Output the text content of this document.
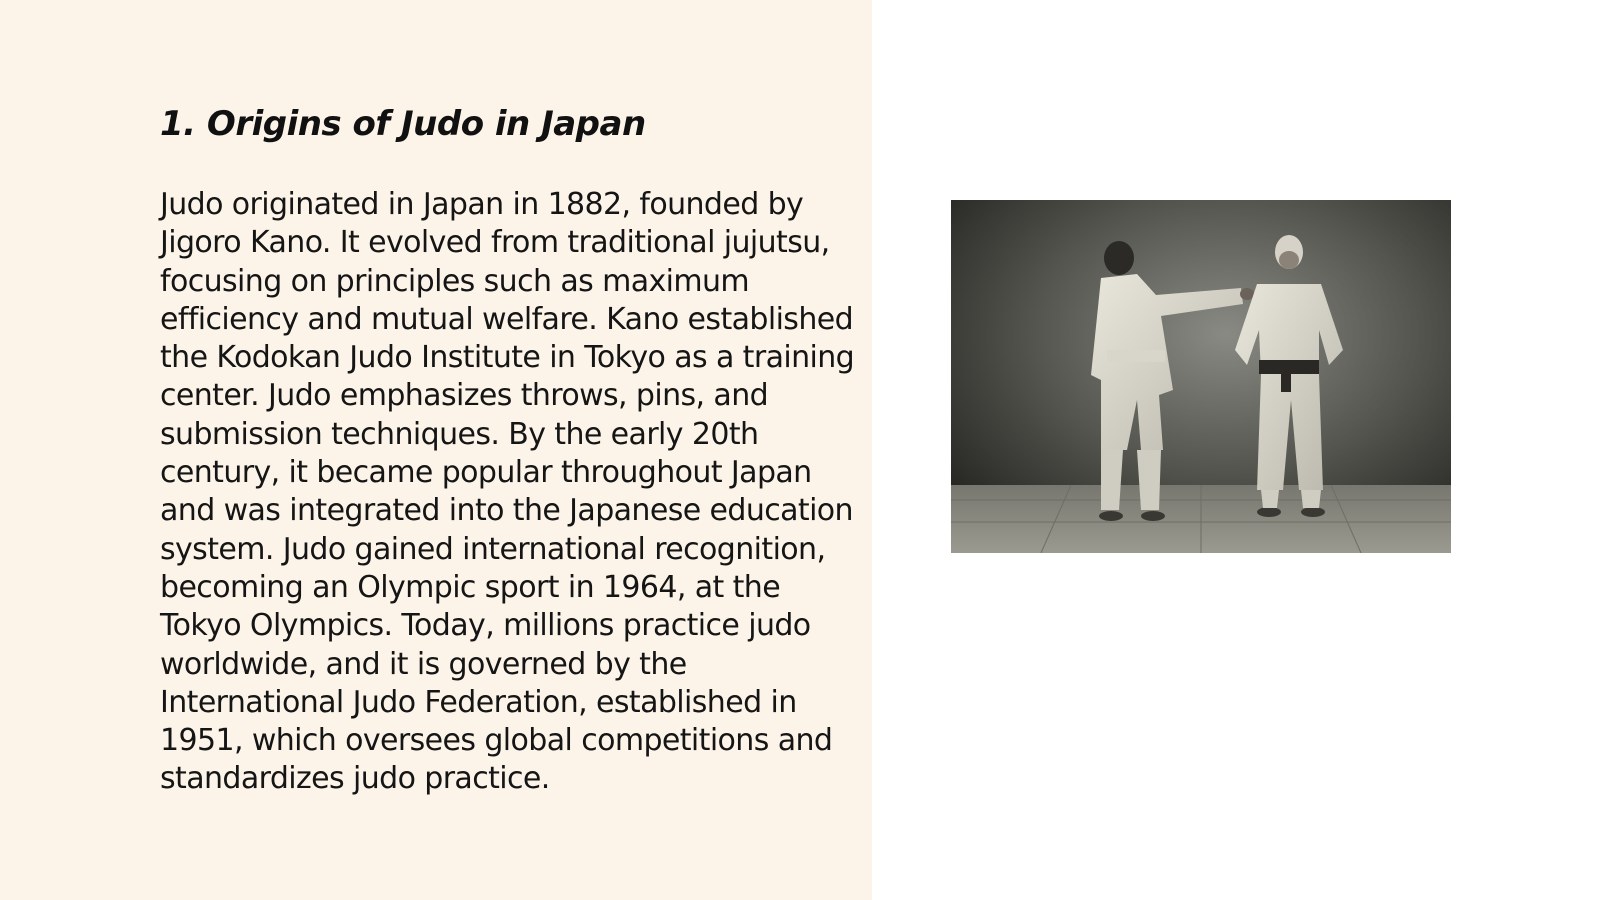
1. Origins of Judo in Japan

Judo originated in Japan in 1882, founded by Jigoro Kano. It evolved from traditional jujutsu, focusing on principles such as maximum efficiency and mutual welfare. Kano established the Kodokan Judo Institute in Tokyo as a training center. Judo emphasizes throws, pins, and submission techniques. By the early 20th century, it became popular throughout Japan and was integrated into the Japanese education system. Judo gained international recognition, becoming an Olympic sport in 1964, at the Tokyo Olympics. Today, millions practice judo worldwide, and it is governed by the International Judo Federation, established in 1951, which oversees global competitions and standardizes judo practice.
